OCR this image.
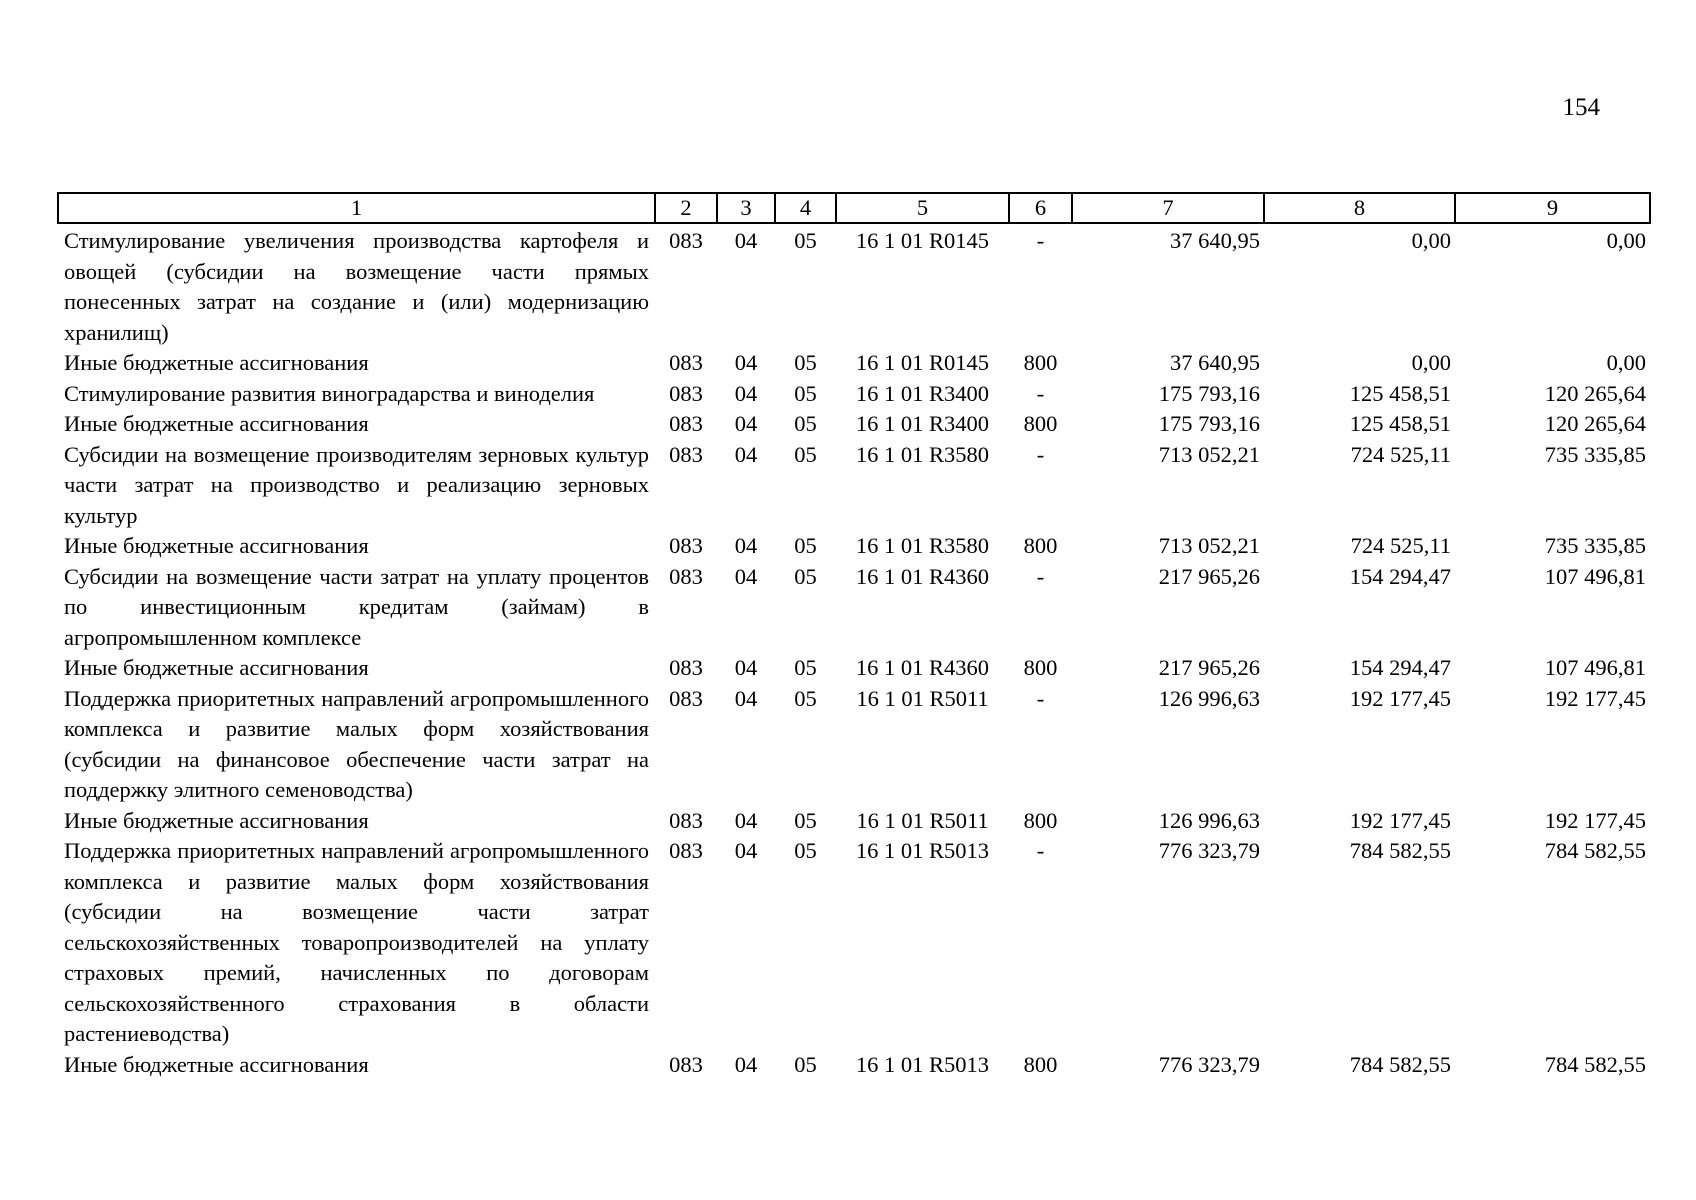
154
1	2	3	4	5	6	7	8	9
Стимулирование увеличения производства картофеля и овощей (субсидии на возмещение части прямых понесенных затрат на создание и (или) модернизацию хранилищ)	083	04	05	16 1 01 R0145	-	37 640,95	0,00	0,00
Иные бюджетные ассигнования	083	04	05	16 1 01 R0145	800	37 640,95	0,00	0,00
Стимулирование развития виноградарства и виноделия	083	04	05	16 1 01 R3400	-	175 793,16	125 458,51	120 265,64
Иные бюджетные ассигнования	083	04	05	16 1 01 R3400	800	175 793,16	125 458,51	120 265,64
Субсидии на возмещение производителям зерновых культур части затрат на производство и реализацию зерновых культур	083	04	05	16 1 01 R3580	-	713 052,21	724 525,11	735 335,85
Иные бюджетные ассигнования	083	04	05	16 1 01 R3580	800	713 052,21	724 525,11	735 335,85
Субсидии на возмещение части затрат на уплату процентов по инвестиционным кредитам (займам) в агропромышленном комплексе	083	04	05	16 1 01 R4360	-	217 965,26	154 294,47	107 496,81
Иные бюджетные ассигнования	083	04	05	16 1 01 R4360	800	217 965,26	154 294,47	107 496,81
Поддержка приоритетных направлений агропромышленного комплекса и развитие малых форм хозяйствования (субсидии на финансовое обеспечение части затрат на поддержку элитного семеноводства)	083	04	05	16 1 01 R5011	-	126 996,63	192 177,45	192 177,45
Иные бюджетные ассигнования	083	04	05	16 1 01 R5011	800	126 996,63	192 177,45	192 177,45
Поддержка приоритетных направлений агропромышленного комплекса и развитие малых форм хозяйствования (субсидии на возмещение части затрат сельскохозяйственных товаропроизводителей на уплату страховых премий, начисленных по договорам сельскохозяйственного страхования в области растениеводства)	083	04	05	16 1 01 R5013	-	776 323,79	784 582,55	784 582,55
Иные бюджетные ассигнования	083	04	05	16 1 01 R5013	800	776 323,79	784 582,55	784 582,55
